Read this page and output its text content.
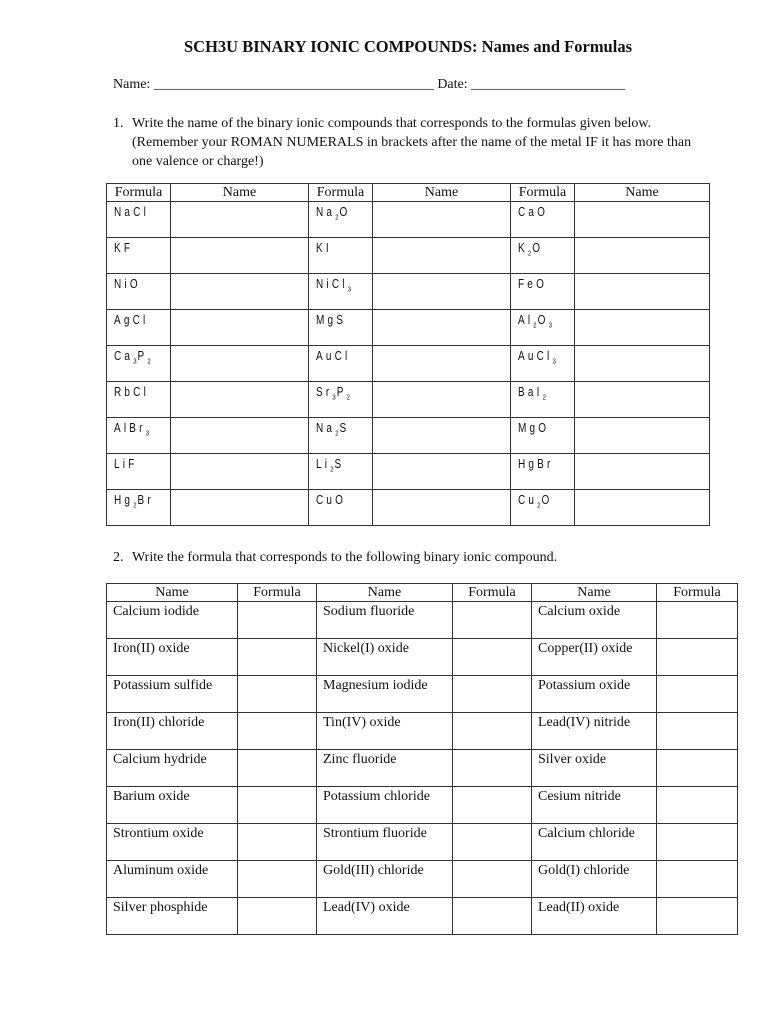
SCH3U BINARY IONIC COMPOUNDS: Names and Formulas
Name: ________________________________________ Date: ______________________
1. Write the name of the binary ionic compounds that corresponds to the formulas given below. (Remember your ROMAN NUMERALS in brackets after the name of the metal IF it has more than one valence or charge!)
Formula	Name	Formula	Name	Formula	Name

NaCl		$Na_2O$		CaO	

KF		KI		$K_2O$	

NiO		NiCl$_3$		FeO	

AgCl		MgS		$Al_2O_3$

$Ca_3P_2$		AuCl		AuCl$_3$

RbCl		$Sr_3P_2$		BaI$_2$

AlBr$_3$		$Na_2S$		MgO	

LiF		$Li_2S$		HgBr	

$Hg_2Br$		CuO		$Cu_2O$	

2. Write the formula that corresponds to the following binary ionic compound.
Name	Formula	Name	Formula	Name	Formula
Calcium iodide		Sodium fluoride		Calcium oxide	
Iron(II) oxide		Nickel(I) oxide		Copper(II) oxide	
Potassium sulfide		Magnesium iodide		Potassium oxide	
Iron(II) chloride		Tin(IV) oxide		Lead(IV) nitride	
Calcium hydride		Zinc fluoride		Silver oxide	
Barium oxide		Potassium chloride		Cesium nitride	
Strontium oxide		Strontium fluoride		Calcium chloride	
Aluminum oxide		Gold(III) chloride		Gold(I) chloride	
Silver phosphide		Lead(IV) oxide		Lead(II) oxide	
